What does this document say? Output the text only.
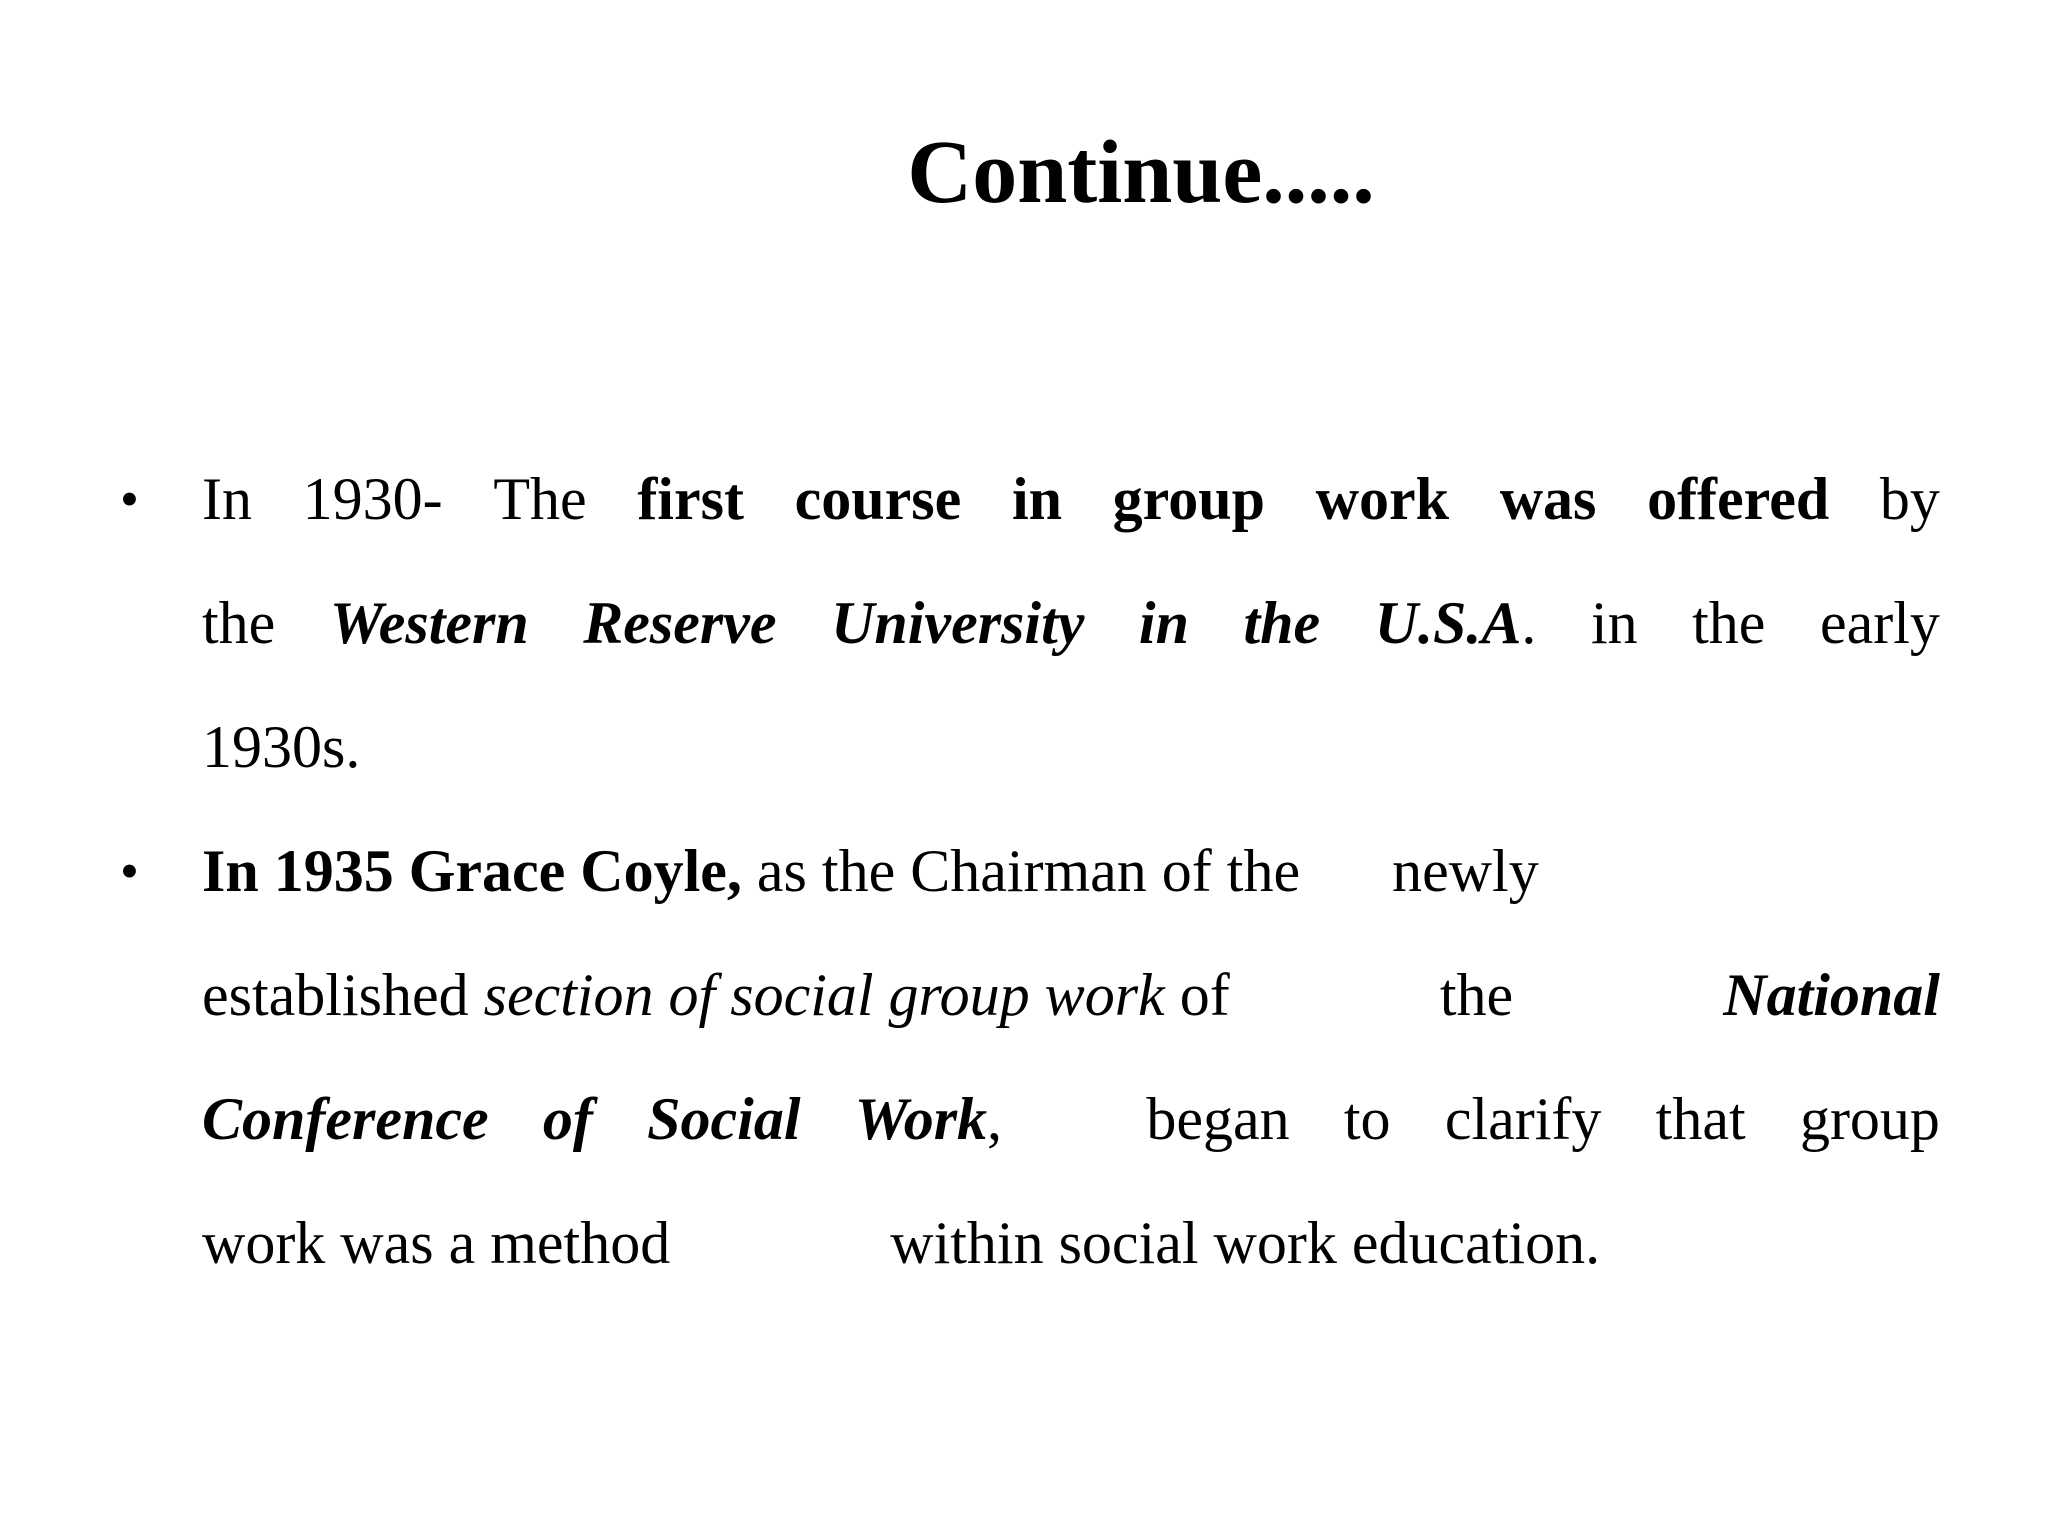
Continue.....
•	In 1930- The first course in group work was offered by
the Western Reserve University in the U.S.A. in the early
1930s.
•	In 1935 Grace Coyle, as the Chairman of the newly
established section of social group work of	the	National
Conference of Social Work, began to clarify that group
work was a method	within social work education.
